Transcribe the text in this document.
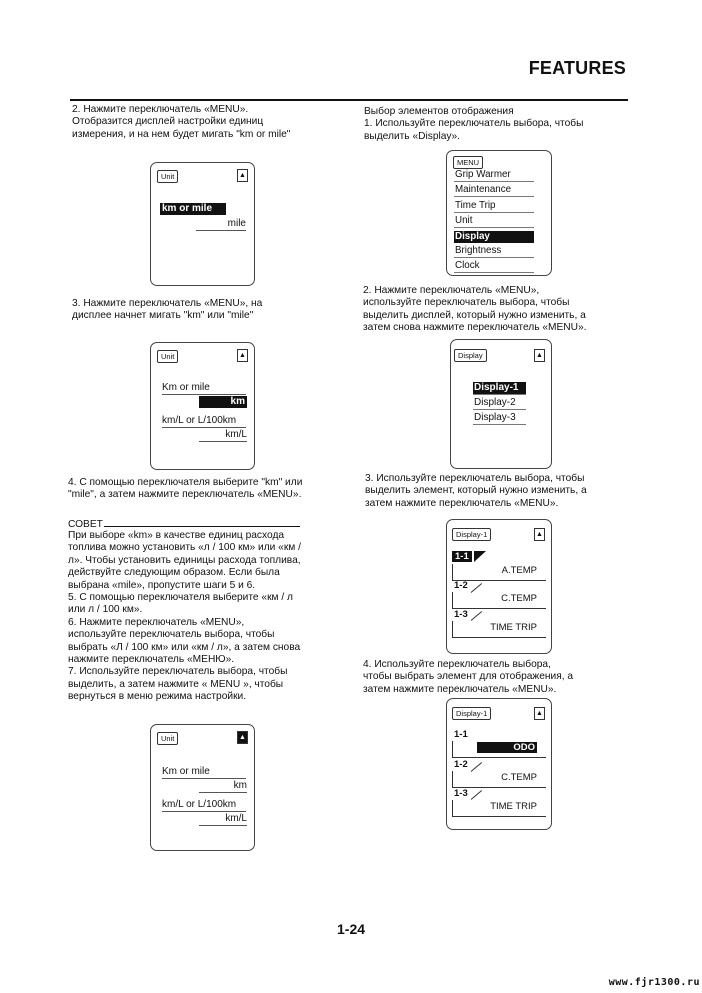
FEATURES
2. Нажмите переключатель «MENU».
Отобразится дисплей настройки единиц
измерения, и на нем будет мигать "km or mile"
Unit	▲
km or mile
mile
3. Нажмите переключатель «MENU», на
дисплее начнет мигать "km" или "mile"
Unit	▲
Km or mile
km
km/L or L/100km
km/L
4. С помощью переключателя выберите "km" или
"mile", а затем нажмите переключатель «MENU».
СОВЕТ
При выборе «km» в качестве единиц расхода
топлива можно установить «л / 100 км» или «км /
л». Чтобы установить единицы расхода топлива,
действуйте следующим образом. Если была
выбрана «mile», пропустите шаги 5 и 6.
5. С помощью переключателя выберите «км / л
или л / 100 км».
6. Нажмите переключатель «MENU»,
используйте переключатель выбора, чтобы
выбрать «Л / 100 км» или «км / л», а затем снова
нажмите переключатель «МЕНЮ».
7. Используйте переключатель выбора, чтобы
выделить, а затем нажмите « MENU », чтобы
вернуться в меню режима настройки.
Unit	▲
Km or mile
km
km/L or L/100km
km/L
Выбор элементов отображения
1. Используйте переключатель выбора, чтобы
выделить «Display».
MENU
Grip Warmer
Maintenance
Time Trip
Unit
Display
Brightness
Clock
2. Нажмите переключатель «MENU»,
используйте переключатель выбора, чтобы
выделить дисплей, который нужно изменить, а
затем снова нажмите переключатель «MENU».
Display	▲
Display-1
Display-2
Display-3
3. Используйте переключатель выбора, чтобы
выделить элемент, который нужно изменить, а
затем нажмите переключатель «MENU».
Display-1	▲
1-1
A.TEMP
1-2
C.TEMP
1-3
TIME TRIP
4. Используйте переключатель выбора,
чтобы выбрать элемент для отображения, а
затем нажмите переключатель «MENU».
Display-1	▲
1-1
ODO
1-2
C.TEMP
1-3
TIME TRIP
1-24
www.fjr1300.ru
